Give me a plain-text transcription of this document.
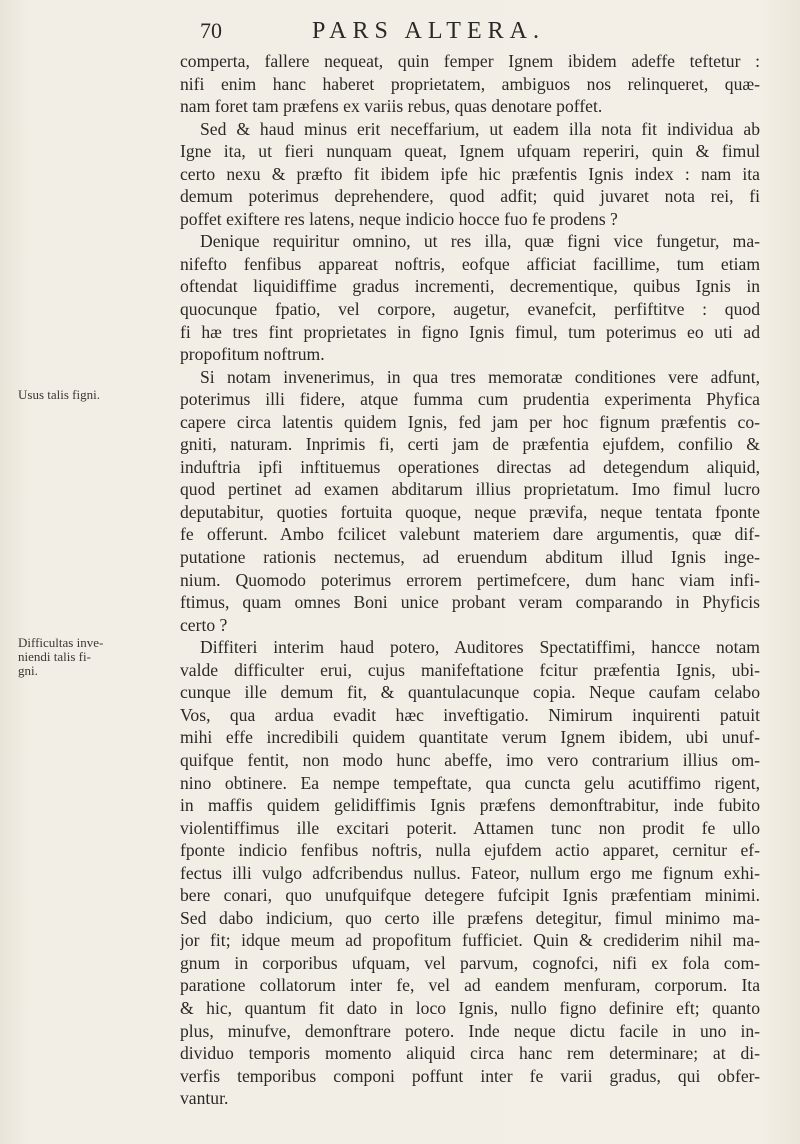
70	PARS ALTERA.
Usus talis figni.
Difficultas inve-
niendi talis fi-
gni.
comperta, fallere nequeat, quin femper Ignem ibidem adeffe teftetur :
nifi enim hanc haberet proprietatem, ambiguos nos relinqueret, quæ-
nam foret tam præfens ex variis rebus, quas denotare poffet.
Sed & haud minus erit neceffarium, ut eadem illa nota fit individua ab
Igne ita, ut fieri nunquam queat, Ignem ufquam reperiri, quin & fimul
certo nexu & præfto fit ibidem ipfe hic præfentis Ignis index : nam ita
demum poterimus deprehendere, quod adfit; quid juvaret nota rei, fi
poffet exiftere res latens, neque indicio hocce fuo fe prodens ?
Denique requiritur omnino, ut res illa, quæ figni vice fungetur, ma-
nifefto fenfibus appareat noftris, eofque afficiat facillime, tum etiam
oftendat liquidiffime gradus incrementi, decrementique, quibus Ignis in
quocunque fpatio, vel corpore, augetur, evanefcit, perfiftitve : quod
fi hæ tres fint proprietates in figno Ignis fimul, tum poterimus eo uti ad
propofitum noftrum.
Si notam invenerimus, in qua tres memoratæ conditiones vere adfunt,
poterimus illi fidere, atque fumma cum prudentia experimenta Phyfica
capere circa latentis quidem Ignis, fed jam per hoc fignum præfentis co-
gniti, naturam. Inprimis fi, certi jam de præfentia ejufdem, confilio &
induftria ipfi inftituemus operationes directas ad detegendum aliquid,
quod pertinet ad examen abditarum illius proprietatum. Imo fimul lucro
deputabitur, quoties fortuita quoque, neque prævifa, neque tentata fponte
fe offerunt. Ambo fcilicet valebunt materiem dare argumentis, quæ dif-
putatione rationis nectemus, ad eruendum abditum illud Ignis inge-
nium. Quomodo poterimus errorem pertimefcere, dum hanc viam infi-
ftimus, quam omnes Boni unice probant veram comparando in Phyficis
certo ?
Diffiteri interim haud potero, Auditores Spectatiffimi, hancce notam
valde difficulter erui, cujus manifeftatione fcitur præfentia Ignis, ubi-
cunque ille demum fit, & quantulacunque copia. Neque caufam celabo
Vos, qua ardua evadit hæc inveftigatio. Nimirum inquirenti patuit
mihi effe incredibili quidem quantitate verum Ignem ibidem, ubi unuf-
quifque fentit, non modo hunc abeffe, imo vero contrarium illius om-
nino obtinere. Ea nempe tempeftate, qua cuncta gelu acutiffimo rigent,
in maffis quidem gelidiffimis Ignis præfens demonftrabitur, inde fubito
violentiffimus ille excitari poterit. Attamen tunc non prodit fe ullo
fponte indicio fenfibus noftris, nulla ejufdem actio apparet, cernitur ef-
fectus illi vulgo adfcribendus nullus. Fateor, nullum ergo me fignum exhi-
bere conari, quo unufquifque detegere fufcipit Ignis præfentiam minimi.
Sed dabo indicium, quo certo ille præfens detegitur, fimul minimo ma-
jor fit; idque meum ad propofitum fufficiet. Quin & crediderim nihil ma-
gnum in corporibus ufquam, vel parvum, cognofci, nifi ex fola com-
paratione collatorum inter fe, vel ad eandem menfuram, corporum. Ita
& hic, quantum fit dato in loco Ignis, nullo figno definire eft; quanto
plus, minufve, demonftrare potero. Inde neque dictu facile in uno in-
dividuo temporis momento aliquid circa hanc rem determinare; at di-
verfis temporibus componi poffunt inter fe varii gradus, qui obfer-
vantur.
